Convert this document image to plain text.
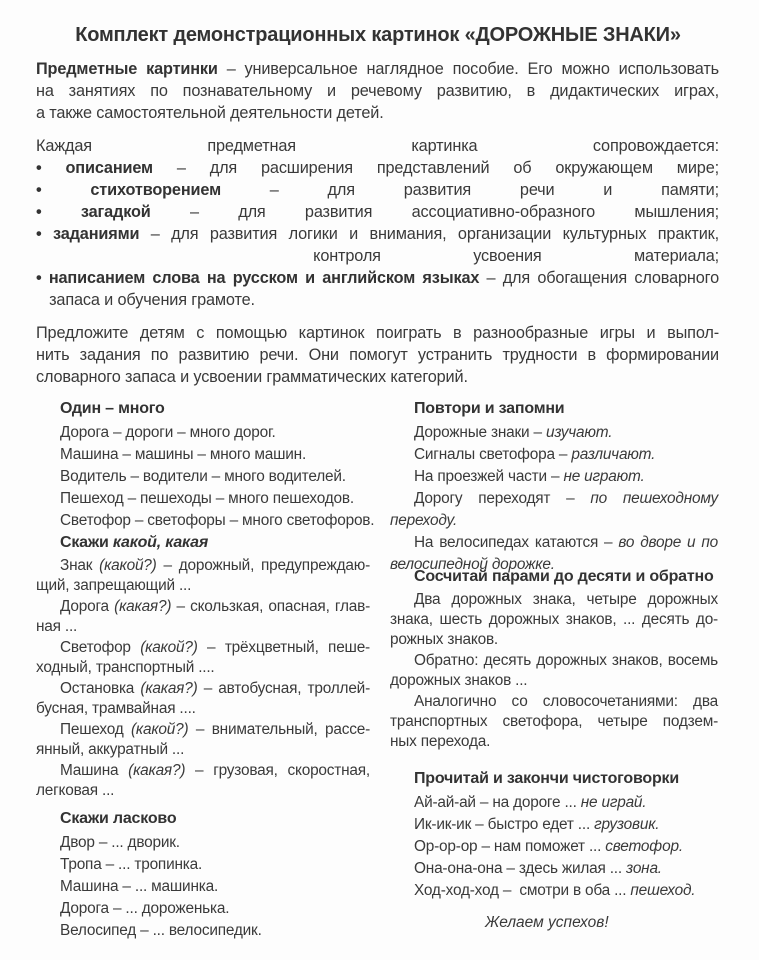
Комплект демонстрационных картинок «ДОРОЖНЫЕ ЗНАКИ»
Предметные картинки – универсальное наглядное пособие. Его можно использовать
на занятиях по познавательному и речевому развитию, в дидактических играх,
а также самостоятельной деятельности детей.
Каждая предметная картинка сопровождается:
• описанием – для расширения представлений об окружающем мире;
• стихотворением – для развития речи и памяти;
• загадкой – для развития ассоциативно-образного мышления;
• заданиями – для развития логики и внимания, организации культурных практик,
контроля усвоения материала;
• написанием слова на русском и английском языках – для обогащения словарного
запаса и обучения грамоте.
Предложите детям с помощью картинок поиграть в разнообразные игры и выпол-
нить задания по развитию речи. Они помогут устранить трудности в формировании
словарного запаса и усвоении грамматических категорий.
Один – много
Дорога – дороги – много дорог.
Машина – машины – много машин.
Водитель – водители – много водителей.
Пешеход – пешеходы – много пешеходов.
Светофор – светофоры – много светофоров.
Скажи какой, какая
Знак (какой?) – дорожный, предупреждаю-
щий, запрещающий ...
Дорога (какая?) – скользкая, опасная, глав-
ная ...
Светофор (какой?) – трёхцветный, пеше-
ходный, транспортный ....
Остановка (какая?) – автобусная, троллей-
бусная, трамвайная ....
Пешеход (какой?) – внимательный, рассе-
янный, аккуратный ...
Машина (какая?) – грузовая, скоростная,
легковая ...
Скажи ласково
Двор – ... дворик.
Тропа – ... тропинка.
Машина – ... машинка.
Дорога – ... дороженька.
Велосипед – ... велосипедик.
Повтори и запомни
Дорожные знаки – изучают.
Сигналы светофора – различают.
На проезжей части – не играют.
Дорогу переходят – по пешеходному
переходу.
На велосипедах катаются – во дворе и по
велосипедной дорожке.
Сосчитай парами до десяти и обратно
Два дорожных знака, четыре дорожных
знака, шесть дорожных знаков, ... десять до-
рожных знаков.
Обратно: десять дорожных знаков, восемь
дорожных знаков ...
Аналогично со словосочетаниями: два
транспортных светофора, четыре подзем-
ных перехода.
Прочитай и закончи чистоговорки
Ай-ай-ай – на дороге ... не играй.
Ик-ик-ик – быстро едет ... грузовик.
Ор-ор-ор – нам поможет ... светофор.
Она-она-она – здесь жилая ... зона.
Ход-ход-ход –  смотри в оба ... пешеход.
Желаем успехов!
